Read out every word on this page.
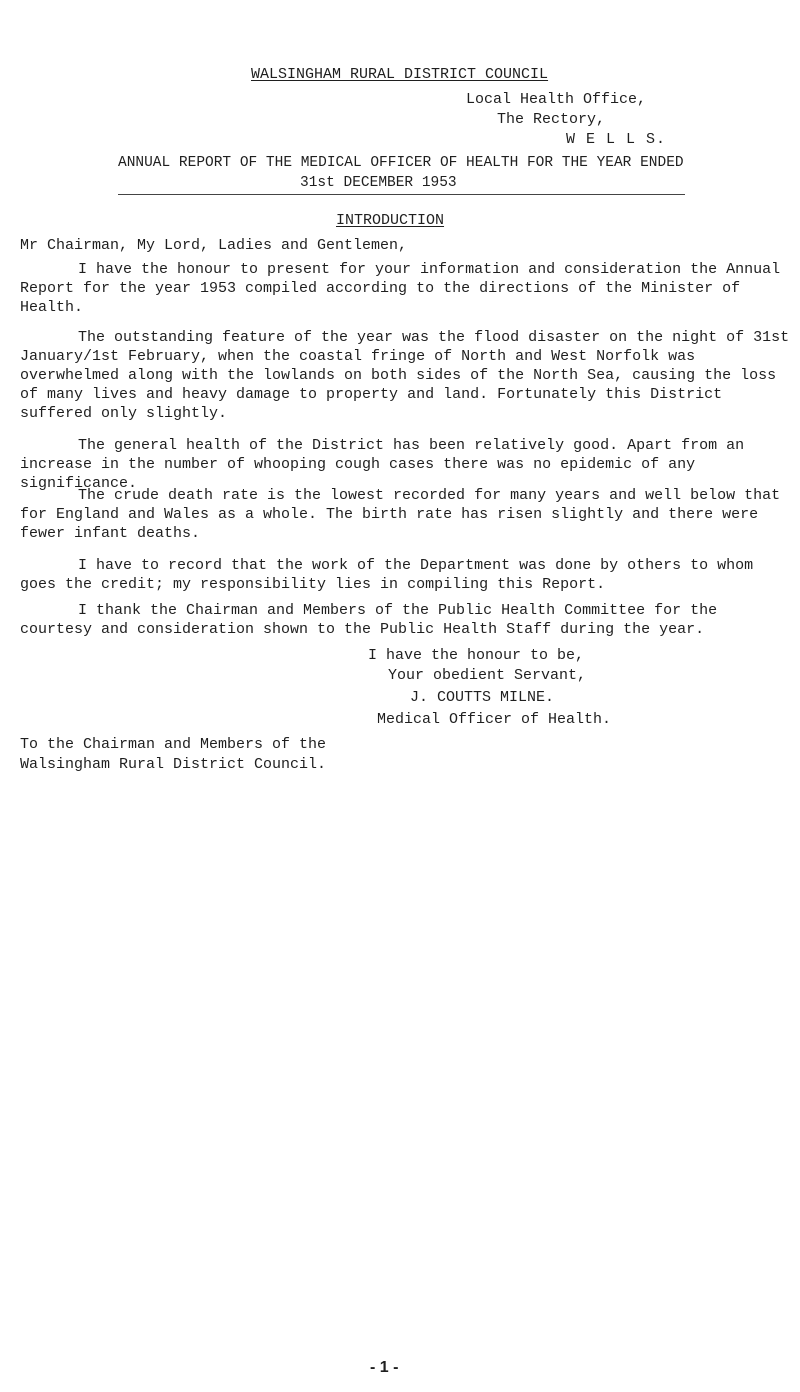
WALSINGHAM RURAL DISTRICT COUNCIL
Local Health Office,
The Rectory,
W E L L S.
ANNUAL REPORT OF THE MEDICAL OFFICER OF HEALTH FOR THE YEAR ENDED
31st DECEMBER 1953
INTRODUCTION
Mr Chairman, My Lord, Ladies and Gentlemen,
I have the honour to present for your information and consideration the Annual Report for the year 1953 compiled according to the directions of the Minister of Health.
The outstanding feature of the year was the flood disaster on the night of 31st January/1st February, when the coastal fringe of North and West Norfolk was overwhelmed along with the lowlands on both sides of the North Sea, causing the loss of many lives and heavy damage to property and land. Fortunately this District suffered only slightly.
The general health of the District has been relatively good. Apart from an increase in the number of whooping cough cases there was no epidemic of any significance.
The crude death rate is the lowest recorded for many years and well below that for England and Wales as a whole. The birth rate has risen slightly and there were fewer infant deaths.
I have to record that the work of the Department was done by others to whom goes the credit; my responsibility lies in compiling this Report.
I thank the Chairman and Members of the Public Health Committee for the courtesy and consideration shown to the Public Health Staff during the year.
I have the honour to be,
Your obedient Servant,
J. COUTTS MILNE.
Medical Officer of Health.
To the Chairman and Members of the
Walsingham Rural District Council.
- 1 -
